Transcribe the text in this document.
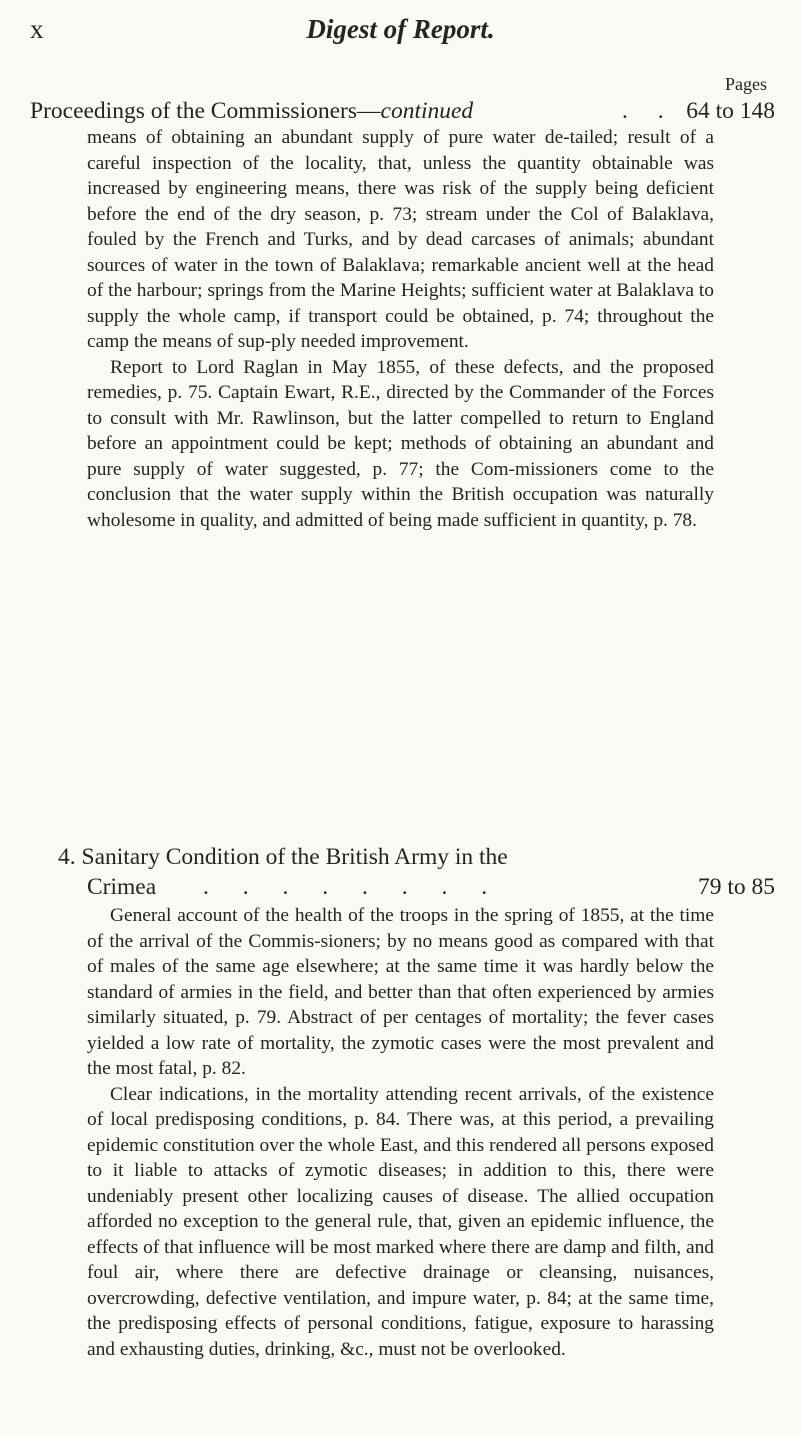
x	Digest of Report.
Pages
Proceedings of the Commissioners—continued	. . 64 to 148

means of obtaining an abundant supply of pure water de-tailed; result of a careful inspection of the locality, that, unless the quantity obtainable was increased by engineering means, there was risk of the supply being deficient before the end of the dry season, p. 73; stream under the Col of Balaklava, fouled by the French and Turks, and by dead carcases of animals; abundant sources of water in the town of Balaklava; remarkable ancient well at the head of the harbour; springs from the Marine Heights; sufficient water at Balaklava to supply the whole camp, if transport could be obtained, p. 74; throughout the camp the means of sup-ply needed improvement.

Report to Lord Raglan in May 1855, of these defects, and the proposed remedies, p. 75. Captain Ewart, R.E., directed by the Commander of the Forces to consult with Mr. Rawlinson, but the latter compelled to return to England before an appointment could be kept; methods of obtaining an abundant and pure supply of water suggested, p. 77; the Com-missioners come to the conclusion that the water supply within the British occupation was naturally wholesome in quality, and admitted of being made sufficient in quantity, p. 78.

4. Sanitary Condition of the British Army in the
Crimea . . . . . . . .	79 to 85

General account of the health of the troops in the spring of 1855, at the time of the arrival of the Commis-sioners; by no means good as compared with that of males of the same age elsewhere; at the same time it was hardly below the standard of armies in the field, and better than that often experienced by armies similarly situated, p. 79. Abstract of per centages of mortality; the fever cases yielded a low rate of mortality, the zymotic cases were the most prevalent and the most fatal, p. 82.

Clear indications, in the mortality attending recent arrivals, of the existence of local predisposing conditions, p. 84. There was, at this period, a prevailing epidemic constitution over the whole East, and this rendered all persons exposed to it liable to attacks of zymotic diseases; in addition to this, there were undeniably present other localizing causes of disease. The allied occupation afforded no exception to the general rule, that, given an epidemic influence, the effects of that influence will be most marked where there are damp and filth, and foul air, where there are defective drainage or cleansing, nuisances, overcrowding, defective ventilation, and impure water, p. 84; at the same time, the predisposing effects of personal conditions, fatigue, exposure to harassing and exhausting duties, drinking, &c., must not be overlooked.
